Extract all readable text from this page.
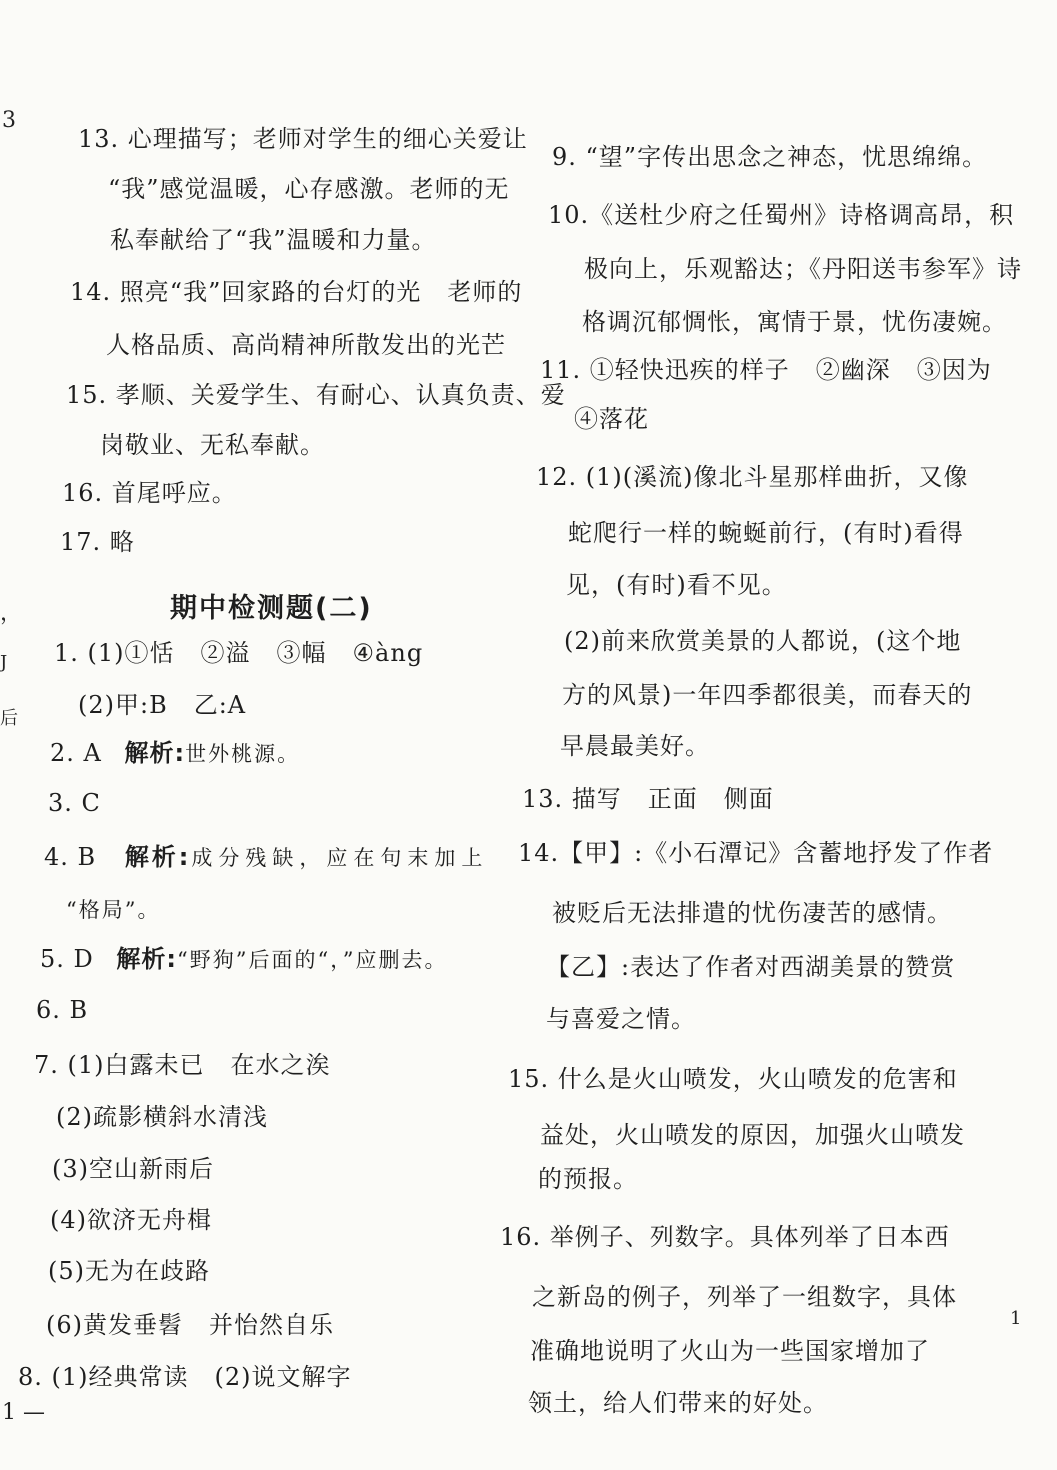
3
，
J
后
1 —
1
13. 心理描写；老师对学生的细心关爱让
“我”感觉温暖，心存感激。老师的无
私奉献给了“我”温暖和力量。
14. 照亮“我”回家路的台灯的光 老师的
人格品质、高尚精神所散发出的光芒
15. 孝顺、关爱学生、有耐心、认真负责、爱
岗敬业、无私奉献。
16. 首尾呼应。
17. 略
期中检测题(二)
1. (1)①恬 ②溢 ③幅 ④àng
(2)甲:B 乙:A
2. A 解析:世外桃源。
3. C
4. B 解析:成分残缺，应在句末加上
“格局”。
5. D 解析:“野狗”后面的“，”应删去。
6. B
7. (1)白露未已 在水之涘
(2)疏影横斜水清浅
(3)空山新雨后
(4)欲济无舟楫
(5)无为在歧路
(6)黄发垂髫 并怡然自乐
8. (1)经典常读 (2)说文解字
9. “望”字传出思念之神态，忧思绵绵。
10.《送杜少府之任蜀州》诗格调高昂，积
极向上，乐观豁达；《丹阳送韦参军》诗
格调沉郁惆怅，寓情于景，忧伤凄婉。
11. ①轻快迅疾的样子 ②幽深 ③因为
④落花
12. (1)(溪流)像北斗星那样曲折，又像
蛇爬行一样的蜿蜒前行，(有时)看得
见，(有时)看不见。
(2)前来欣赏美景的人都说，(这个地
方的风景)一年四季都很美，而春天的
早晨最美好。
13. 描写 正面 侧面
14.【甲】:《小石潭记》含蓄地抒发了作者
被贬后无法排遣的忧伤凄苦的感情。
【乙】:表达了作者对西湖美景的赞赏
与喜爱之情。
15. 什么是火山喷发，火山喷发的危害和
益处，火山喷发的原因，加强火山喷发
的预报。
16. 举例子、列数字。具体列举了日本西
之新岛的例子，列举了一组数字，具体
准确地说明了火山为一些国家增加了
领土，给人们带来的好处。
